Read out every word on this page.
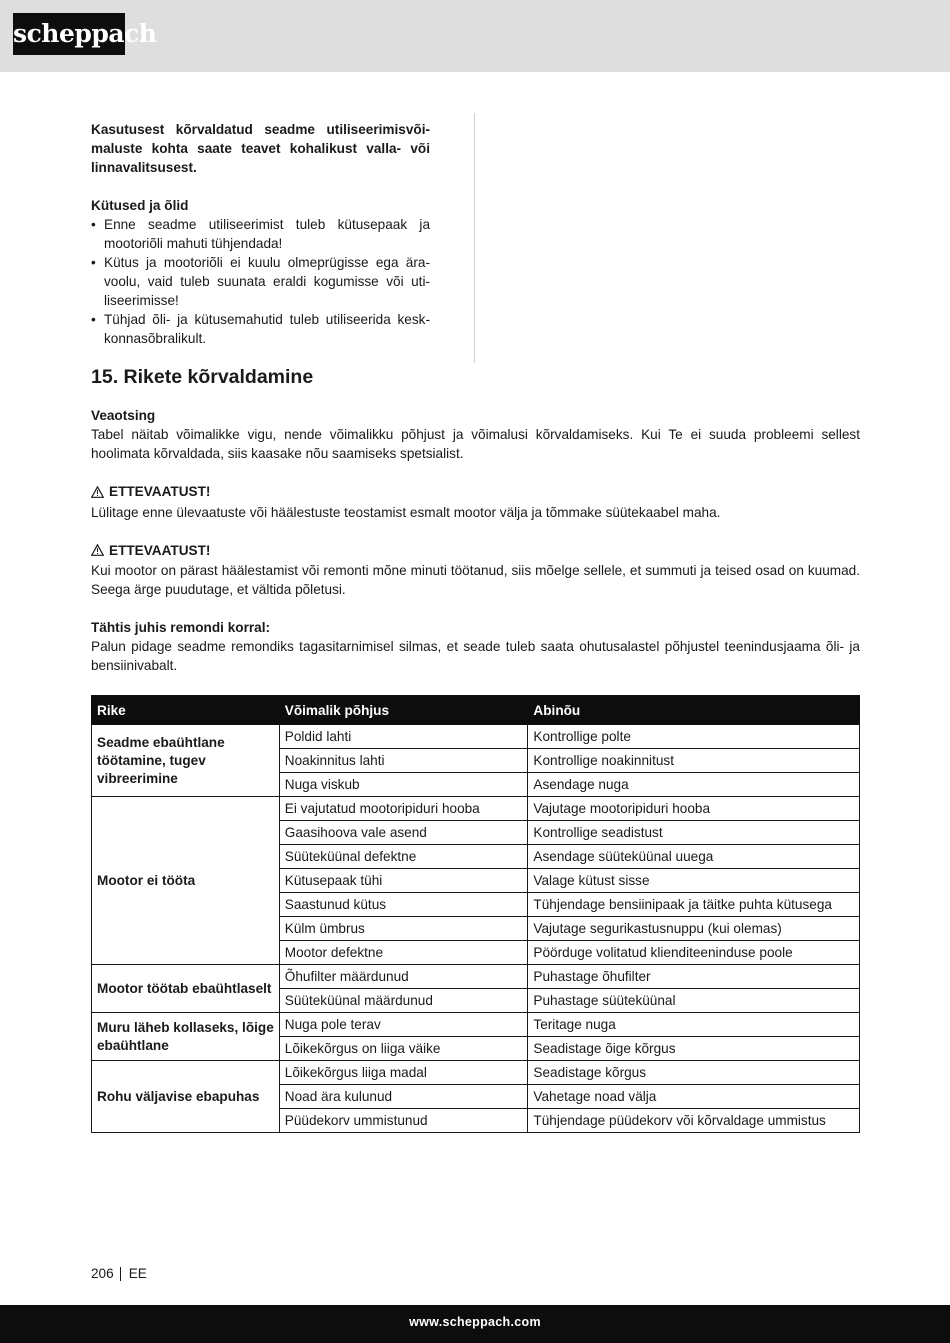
scheppach

Kasutusest kõrvaldatud seadme utiliseerimisvõi-maluste kohta saate teavet kohalikust valla- või linnavalitsusest.

Kütused ja õlid

• Enne seadme utiliseerimist tuleb kütusepaak ja mootoriõli mahuti tühjendada!
• Kütus ja mootoriõli ei kuulu olmeprügisse ega ära-voolu, vaid tuleb suunata eraldi kogumisse või uti-liseerimisse!
• Tühjad õli- ja kütusemahutid tuleb utiliseerida kesk-konnasõbralikult.
15. Rikete kõrvaldamine

Veaotsing

Tabel näitab võimalikke vigu, nende võimalikku põhjust ja võimalusi kõrvaldamiseks. Kui Te ei suuda probleemi sellest hoolimata kõrvaldada, siis kaasake nõu saamiseks spetsialist.

ETTEVAATUST!

Lülitage enne ülevaatuste või häälestuste teostamist esmalt mootor välja ja tõmmake süütekaabel maha.

ETTEVAATUST!

Kui mootor on pärast häälestamist või remonti mõne minuti töötanud, siis mõelge sellele, et summuti ja teised osad on kuumad. Seega ärge puudutage, et vältida põletusi.

Tähtis juhis remondi korral:

Palun pidage seadme remondiks tagasitarnimisel silmas, et seade tuleb saata ohutusalastel põhjustel teenindusjaama õli- ja bensiinivabalt.

Rike	Võimalik põhjus	Abinõu
Seadme ebaühtlane töötamine, tugev vibreerimine	Poldid lahti	Kontrollige polte
	Noakinnitus lahti	Kontrollige noakinnitust
	Nuga viskub	Asendage nuga
Mootor ei tööta	Ei vajutatud mootoripiduri hooba	Vajutage mootoripiduri hooba
	Gaasihoova vale asend	Kontrollige seadistust
	Süüteküünal defektne	Asendage süüteküünal uuega
	Kütusepaak tühi	Valage kütust sisse
	Saastunud kütus	Tühjendage bensiinipaak ja täitke puhta kütusega
	Külm ümbrus	Vajutage segurikastusnuppu (kui olemas)
	Mootor defektne	Pöörduge volitatud klienditeeninduse poole
Mootor töötab ebaühtlaselt	Õhufilter määrdunud	Puhastage õhufilter
	Süüteküünal määrdunud	Puhastage süüteküünal
Muru läheb kollaseks, lõige ebaühtlane	Nuga pole terav	Teritage nuga
	Lõikekõrgus on liiga väike	Seadistage õige kõrgus
Rohu väljavise ebapuhas	Lõikekõrgus liiga madal	Seadistage kõrgus
	Noad ära kulunud	Vahetage noad välja
	Püüdekorv ummistunud	Tühjendage püüdekorv või kõrvaldage ummistus
206 EE
www.scheppach.com
